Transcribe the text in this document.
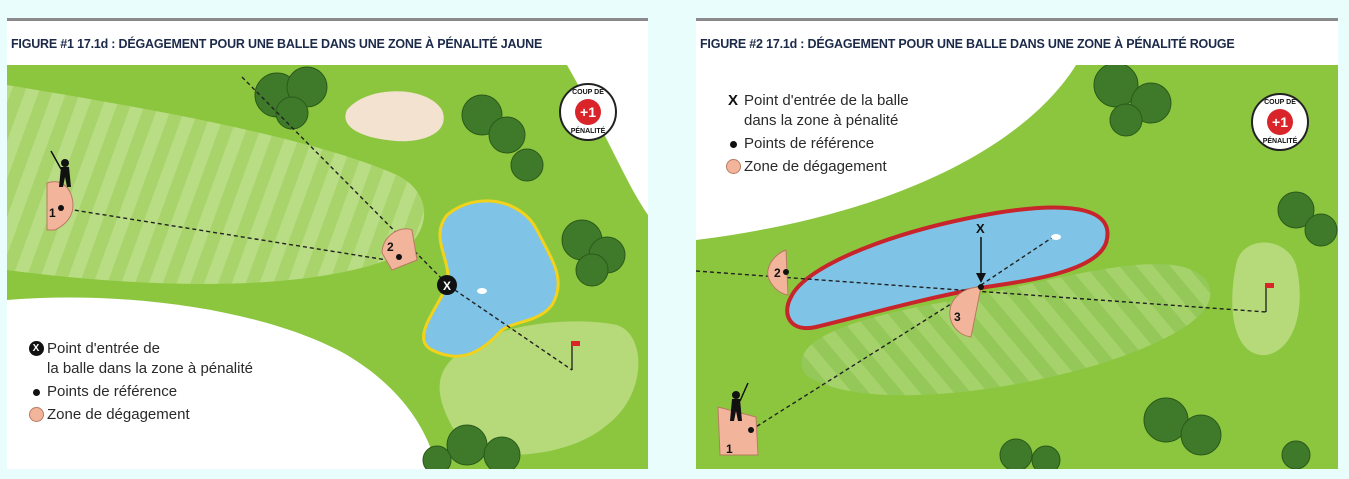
FIGURE #1 17.1d : DÉGAGEMENT POUR UNE BALLE DANS UNE ZONE À PÉNALITÉ JAUNE
X
1
2
COUP DE
+1
PÉNALITÉ
X Point d'entrée de
la balle dans la zone à pénalité
Points de référence
Zone de dégagement
FIGURE #2 17.1d : DÉGAGEMENT POUR UNE BALLE DANS UNE ZONE À PÉNALITÉ ROUGE
X
1
2
3
COUP DE
+1
PÉNALITÉ
X Point d'entrée de la balle
dans la zone à pénalité
Points de référence
Zone de dégagement
